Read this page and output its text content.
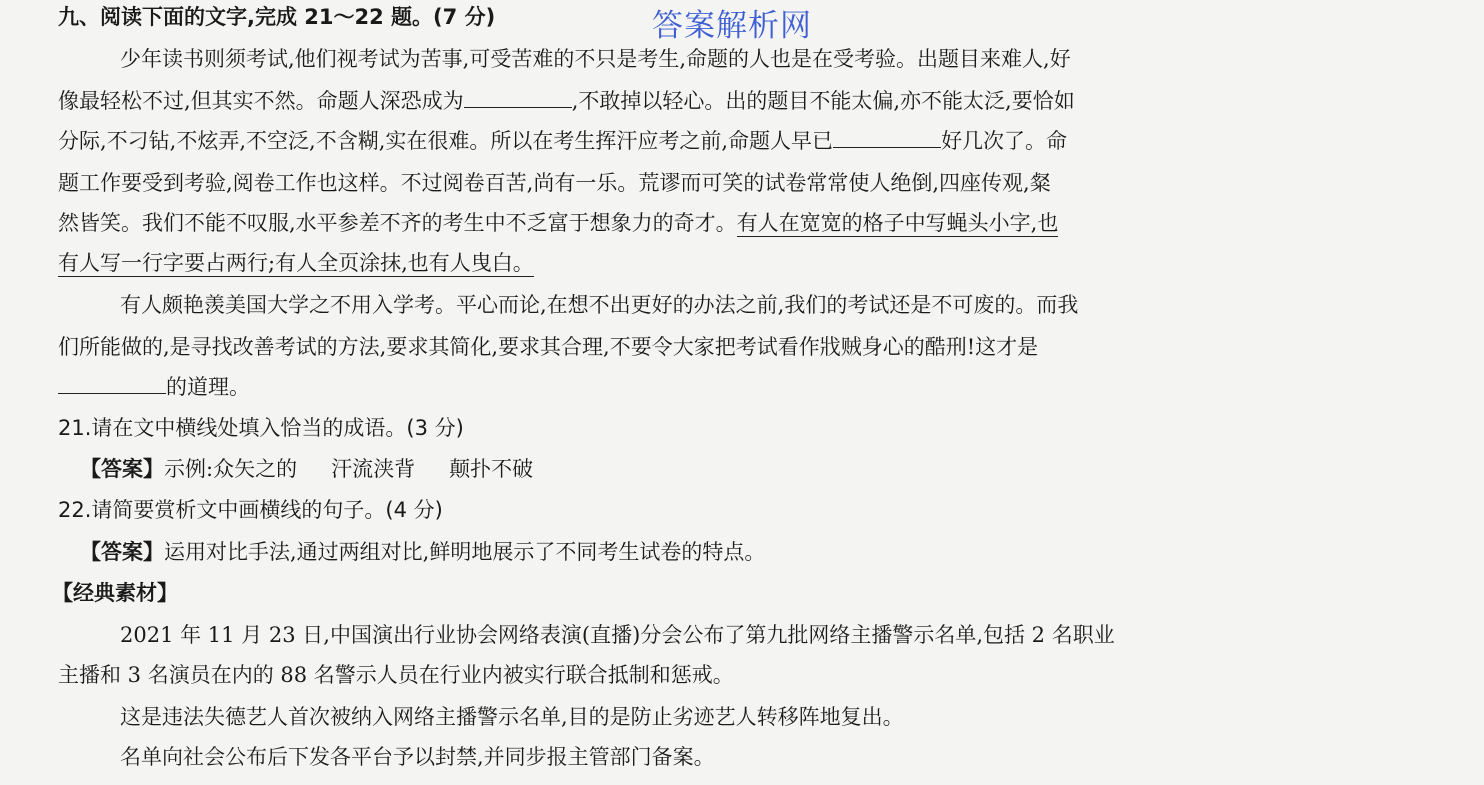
答案解析网
九、阅读下面的文字,完成 21～22 题。(7 分)
少年读书则须考试,他们视考试为苦事,可受苦难的不只是考生,命题的人也是在受考验。出题目来难人,好
像最轻松不过,但其实不然。命题人深恐成为	,不敢掉以轻心。出的题目不能太偏,亦不能太泛,要恰如
分际,不刁钻,不炫弄,不空泛,不含糊,实在很难。所以在考生挥汗应考之前,命题人早已	好几次了。命
题工作要受到考验,阅卷工作也这样。不过阅卷百苦,尚有一乐。荒谬而可笑的试卷常常使人绝倒,四座传观,粲
然皆笑。我们不能不叹服,水平参差不齐的考生中不乏富于想象力的奇才。有人在宽宽的格子中写蝇头小字,也
有人写一行字要占两行;有人全页涂抹,也有人曳白。
有人颇艳羡美国大学之不用入学考。平心而论,在想不出更好的办法之前,我们的考试还是不可废的。而我
们所能做的,是寻找改善考试的方法,要求其简化,要求其合理,不要令大家把考试看作戕贼身心的酷刑!这才是
的道理。
21.请在文中横线处填入恰当的成语。(3 分)
【答案】示例:众矢之的 汗流浃背 颠扑不破
22.请简要赏析文中画横线的句子。(4 分)
【答案】运用对比手法,通过两组对比,鲜明地展示了不同考生试卷的特点。
【经典素材】
2021 年 11 月 23 日,中国演出行业协会网络表演(直播)分会公布了第九批网络主播警示名单,包括 2 名职业
主播和 3 名演员在内的 88 名警示人员在行业内被实行联合抵制和惩戒。
这是违法失德艺人首次被纳入网络主播警示名单,目的是防止劣迹艺人转移阵地复出。
名单向社会公布后下发各平台予以封禁,并同步报主管部门备案。
